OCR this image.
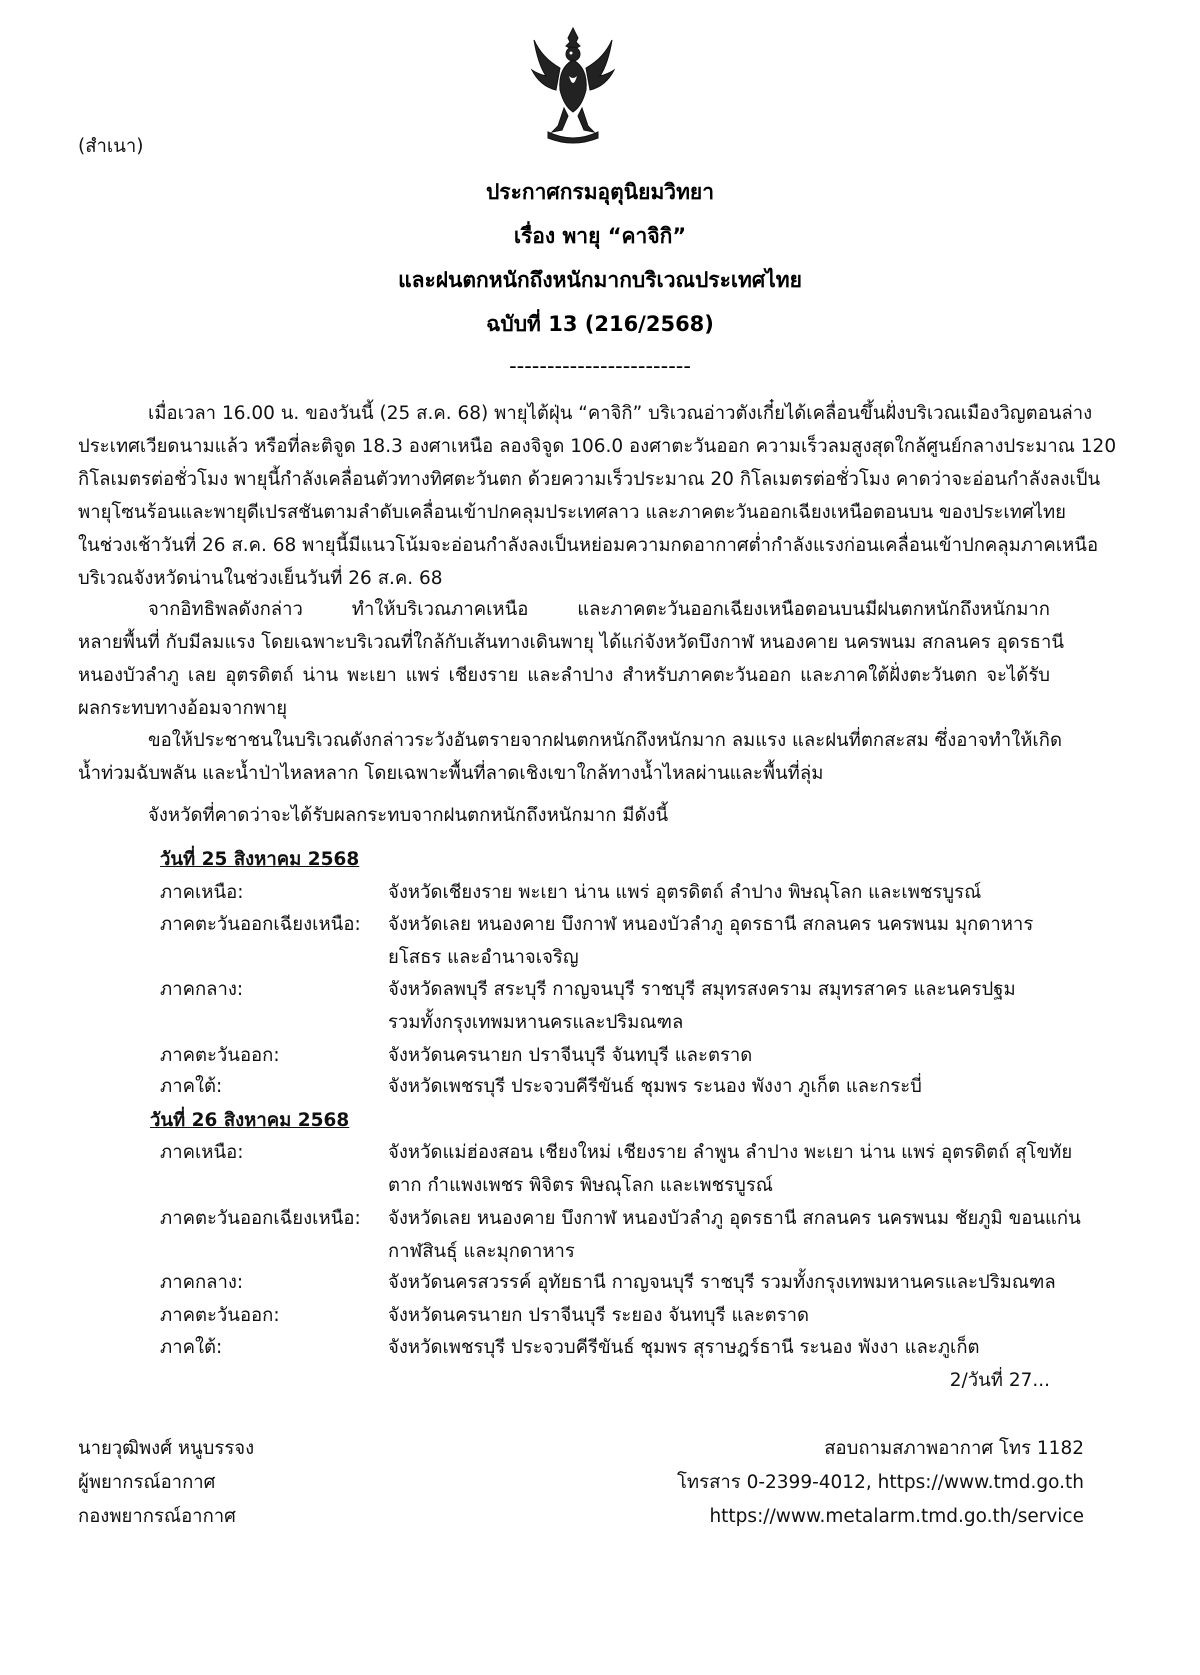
(สำเนา)
ประกาศกรมอุตุนิยมวิทยา
เรื่อง พายุ “คาจิกิ”
และฝนตกหนักถึงหนักมากบริเวณประเทศไทย
ฉบับที่ 13 (216/2568)
------------------------
เมื่อเวลา 16.00 น. ของวันนี้ (25 ส.ค. 68) พายุไต้ฝุ่น “คาจิกิ” บริเวณอ่าวตังเกี๋ยได้เคลื่อนขึ้นฝั่งบริเวณเมืองวิญตอนล่าง
ประเทศเวียดนามแล้ว หรือที่ละติจูด 18.3 องศาเหนือ ลองจิจูด 106.0 องศาตะวันออก ความเร็วลมสูงสุดใกล้ศูนย์กลางประมาณ 120
กิโลเมตรต่อชั่วโมง พายุนี้กำลังเคลื่อนตัวทางทิศตะวันตก ด้วยความเร็วประมาณ 20 กิโลเมตรต่อชั่วโมง คาดว่าจะอ่อนกำลังลงเป็น
พายุโซนร้อนและพายุดีเปรสชันตามลำดับเคลื่อนเข้าปกคลุมประเทศลาว และภาคตะวันออกเฉียงเหนือตอนบน ของประเทศไทย
ในช่วงเช้าวันที่ 26 ส.ค. 68 พายุนี้มีแนวโน้มจะอ่อนกำลังลงเป็นหย่อมความกดอากาศต่ำกำลังแรงก่อนเคลื่อนเข้าปกคลุมภาคเหนือ
บริเวณจังหวัดน่านในช่วงเย็นวันที่ 26 ส.ค. 68
จากอิทธิพลดังกล่าว ทำให้บริเวณภาคเหนือ และภาคตะวันออกเฉียงเหนือตอนบนมีฝนตกหนักถึงหนักมาก
หลายพื้นที่ กับมีลมแรง โดยเฉพาะบริเวณที่ใกล้กับเส้นทางเดินพายุ ได้แก่จังหวัดบึงกาฬ หนองคาย นครพนม สกลนคร อุดรธานี
หนองบัวลำภู เลย อุตรดิตถ์ น่าน พะเยา แพร่ เชียงราย และลำปาง สำหรับภาคตะวันออก และภาคใต้ฝั่งตะวันตก จะได้รับ
ผลกระทบทางอ้อมจากพายุ
ขอให้ประชาชนในบริเวณดังกล่าวระวังอันตรายจากฝนตกหนักถึงหนักมาก ลมแรง และฝนที่ตกสะสม ซึ่งอาจทำให้เกิด
น้ำท่วมฉับพลัน และน้ำป่าไหลหลาก โดยเฉพาะพื้นที่ลาดเชิงเขาใกล้ทางน้ำไหลผ่านและพื้นที่ลุ่ม
จังหวัดที่คาดว่าจะได้รับผลกระทบจากฝนตกหนักถึงหนักมาก มีดังนี้
วันที่ 25 สิงหาคม 2568
ภาคเหนือ:	จังหวัดเชียงราย พะเยา น่าน แพร่ อุตรดิตถ์ ลำปาง พิษณุโลก และเพชรบูรณ์
ภาคตะวันออกเฉียงเหนือ: จังหวัดเลย หนองคาย บึงกาฬ หนองบัวลำภู อุดรธานี สกลนคร นครพนม มุกดาหาร
ยโสธร และอำนาจเจริญ
ภาคกลาง:	จังหวัดลพบุรี สระบุรี กาญจนบุรี ราชบุรี สมุทรสงคราม สมุทรสาคร และนครปฐม
รวมทั้งกรุงเทพมหานครและปริมณฑล
ภาคตะวันออก:	จังหวัดนครนายก ปราจีนบุรี จันทบุรี และตราด
ภาคใต้:	จังหวัดเพชรบุรี ประจวบคีรีขันธ์ ชุมพร ระนอง พังงา ภูเก็ต และกระบี่
วันที่ 26 สิงหาคม 2568
ภาคเหนือ:	จังหวัดแม่ฮ่องสอน เชียงใหม่ เชียงราย ลำพูน ลำปาง พะเยา น่าน แพร่ อุตรดิตถ์ สุโขทัย
ตาก กำแพงเพชร พิจิตร พิษณุโลก และเพชรบูรณ์
ภาคตะวันออกเฉียงเหนือ: จังหวัดเลย หนองคาย บึงกาฬ หนองบัวลำภู อุดรธานี สกลนคร นครพนม ชัยภูมิ ขอนแก่น
กาฬสินธุ์ และมุกดาหาร
ภาคกลาง:	จังหวัดนครสวรรค์ อุทัยธานี กาญจนบุรี ราชบุรี รวมทั้งกรุงเทพมหานครและปริมณฑล
ภาคตะวันออก:	จังหวัดนครนายก ปราจีนบุรี ระยอง จันทบุรี และตราด
ภาคใต้:	จังหวัดเพชรบุรี ประจวบคีรีขันธ์ ชุมพร สุราษฎร์ธานี ระนอง พังงา และภูเก็ต
2/วันที่ 27...
นายวุฒิพงศ์ หนูบรรจง
ผู้พยากรณ์อากาศ
กองพยากรณ์อากาศ
สอบถามสภาพอากาศ โทร 1182
โทรสาร 0-2399-4012, https://www.tmd.go.th
https://www.metalarm.tmd.go.th/service
